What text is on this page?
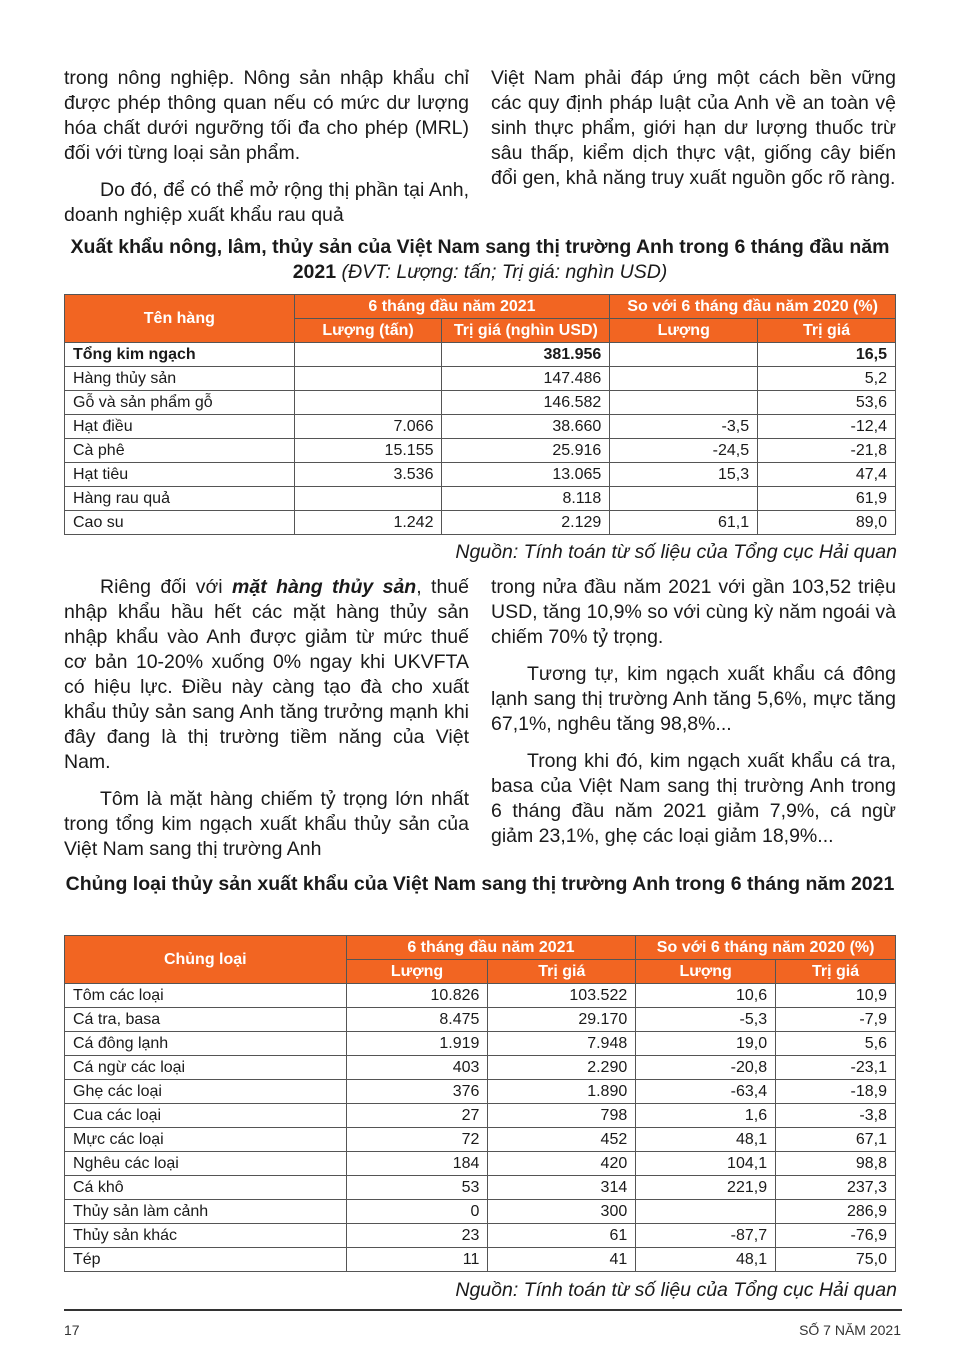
trong nông nghiệp. Nông sản nhập khẩu chỉ được phép thông quan nếu có mức dư lượng hóa chất dưới ngưỡng tối đa cho phép (MRL) đối với từng loại sản phẩm.

Do đó, để có thể mở rộng thị phần tại Anh, doanh nghiệp xuất khẩu rau quả

Việt Nam phải đáp ứng một cách bền vững các quy định pháp luật của Anh về an toàn vệ sinh thực phẩm, giới hạn dư lượng thuốc trừ sâu thấp, kiểm dịch thực vật, giống cây biến đổi gen, khả năng truy xuất nguồn gốc rõ ràng.

Xuất khẩu nông, lâm, thủy sản của Việt Nam sang thị trường Anh trong 6 tháng đầu năm 2021 (ĐVT: Lượng: tấn; Trị giá: nghìn USD)
Tên hàng	6 tháng đầu năm 2021		So với 6 tháng đầu năm 2020 (%)	
	Lượng (tấn)	Trị giá (nghìn USD)	Lượng	Trị giá
Tổng kim ngạch		381.956		16,5
Hàng thủy sản		147.486		5,2
Gỗ và sản phẩm gỗ		146.582		53,6
Hạt điều	7.066	38.660	-3,5	-12,4
Cà phê	15.155	25.916	-24,5	-21,8
Hạt tiêu	3.536	13.065	15,3	47,4
Hàng rau quả		8.118		61,9
Cao su	1.242	2.129	61,1	89,0
Nguồn: Tính toán từ số liệu của Tổng cục Hải quan

Riêng đối với mặt hàng thủy sản, thuế nhập khẩu hầu hết các mặt hàng thủy sản nhập khẩu vào Anh được giảm từ mức thuế cơ bản 10-20% xuống 0% ngay khi UKVFTA có hiệu lực. Điều này càng tạo đà cho xuất khẩu thủy sản sang Anh tăng trưởng mạnh khi đây đang là thị trường tiềm năng của Việt Nam.

Tôm là mặt hàng chiếm tỷ trọng lớn nhất trong tổng kim ngạch xuất khẩu thủy sản của Việt Nam sang thị trường Anh

trong nửa đầu năm 2021 với gần 103,52 triệu USD, tăng 10,9% so với cùng kỳ năm ngoái và chiếm 70% tỷ trọng.

Tương tự, kim ngạch xuất khẩu cá đông lạnh sang thị trường Anh tăng 5,6%, mực tăng 67,1%, nghêu tăng 98,8%...

Trong khi đó, kim ngạch xuất khẩu cá tra, basa của Việt Nam sang thị trường Anh trong 6 tháng đầu năm 2021 giảm 7,9%, cá ngừ giảm 23,1%, ghẹ các loại giảm 18,9%...

Chủng loại thủy sản xuất khẩu của Việt Nam sang thị trường Anh trong 6 tháng năm 2021
Chủng loại	6 tháng đầu năm 2021		So với 6 tháng năm 2020 (%)	
	Lượng	Trị giá	Lượng	Trị giá
Tôm các loại	10.826	103.522	10,6	10,9
Cá tra, basa	8.475	29.170	-5,3	-7,9
Cá đông lạnh	1.919	7.948	19,0	5,6
Cá ngừ các loại	403	2.290	-20,8	-23,1
Ghẹ các loại	376	1.890	-63,4	-18,9
Cua các loại	27	798	1,6	-3,8
Mực các loại	72	452	48,1	67,1
Nghêu các loại	184	420	104,1	98,8
Cá khô	53	314	221,9	237,3
Thủy sản làm cảnh	0	300		286,9
Thủy sản khác	23	61	-87,7	-76,9
Tép	11	41	48,1	75,0
Nguồn: Tính toán từ số liệu của Tổng cục Hải quan
17	SỐ 7 NĂM 2021
